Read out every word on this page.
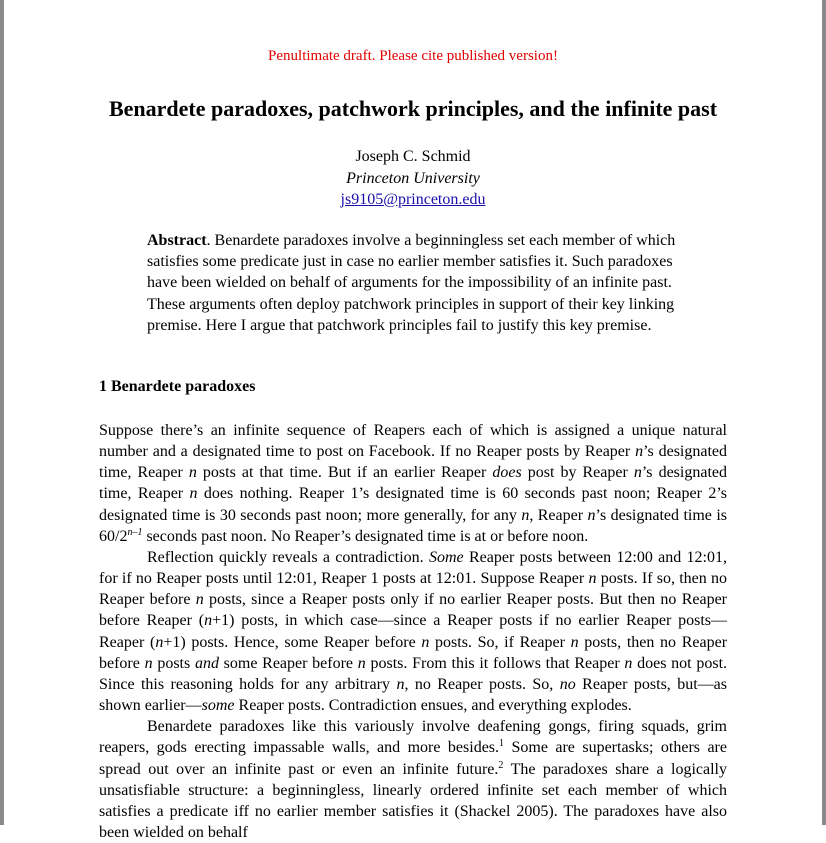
Penultimate draft. Please cite published version!
Benardete paradoxes, patchwork principles, and the infinite past
Joseph C. Schmid
Princeton University
js9105@princeton.edu
Abstract. Benardete paradoxes involve a beginningless set each member of which satisfies some predicate just in case no earlier member satisfies it. Such paradoxes have been wielded on behalf of arguments for the impossibility of an infinite past. These arguments often deploy patchwork principles in support of their key linking premise. Here I argue that patchwork principles fail to justify this key premise.
1 Benardete paradoxes

Suppose there’s an infinite sequence of Reapers each of which is assigned a unique natural number and a designated time to post on Facebook. If no Reaper posts by Reaper n’s designated time, Reaper n posts at that time. But if an earlier Reaper does post by Reaper n’s designated time, Reaper n does nothing. Reaper 1’s designated time is 60 seconds past noon; Reaper 2’s designated time is 30 seconds past noon; more generally, for any n, Reaper n’s designated time is 60/2$^{n-1}$ seconds past noon. No Reaper’s designated time is at or before noon.

Reflection quickly reveals a contradiction. Some Reaper posts between 12:00 and 12:01, for if no Reaper posts until 12:01, Reaper 1 posts at 12:01. Suppose Reaper n posts. If so, then no Reaper before n posts, since a Reaper posts only if no earlier Reaper posts. But then no Reaper before Reaper (n+1) posts, in which case—since a Reaper posts if no earlier Reaper posts—Reaper (n+1) posts. Hence, some Reaper before n posts. So, if Reaper n posts, then no Reaper before n posts and some Reaper before n posts. From this it follows that Reaper n does not post. Since this reasoning holds for any arbitrary n, no Reaper posts. So, no Reaper posts, but—as shown earlier—some Reaper posts. Contradiction ensues, and everything explodes.

Benardete paradoxes like this variously involve deafening gongs, firing squads, grim reapers, gods erecting impassable walls, and more besides.$^1$ Some are supertasks; others are spread out over an infinite past or even an infinite future.$^2$ The paradoxes share a logically unsatisfiable structure: a beginningless, linearly ordered infinite set each member of which satisfies a predicate iff no earlier member satisfies it (Shackel 2005). The paradoxes have also been wielded on behalf
